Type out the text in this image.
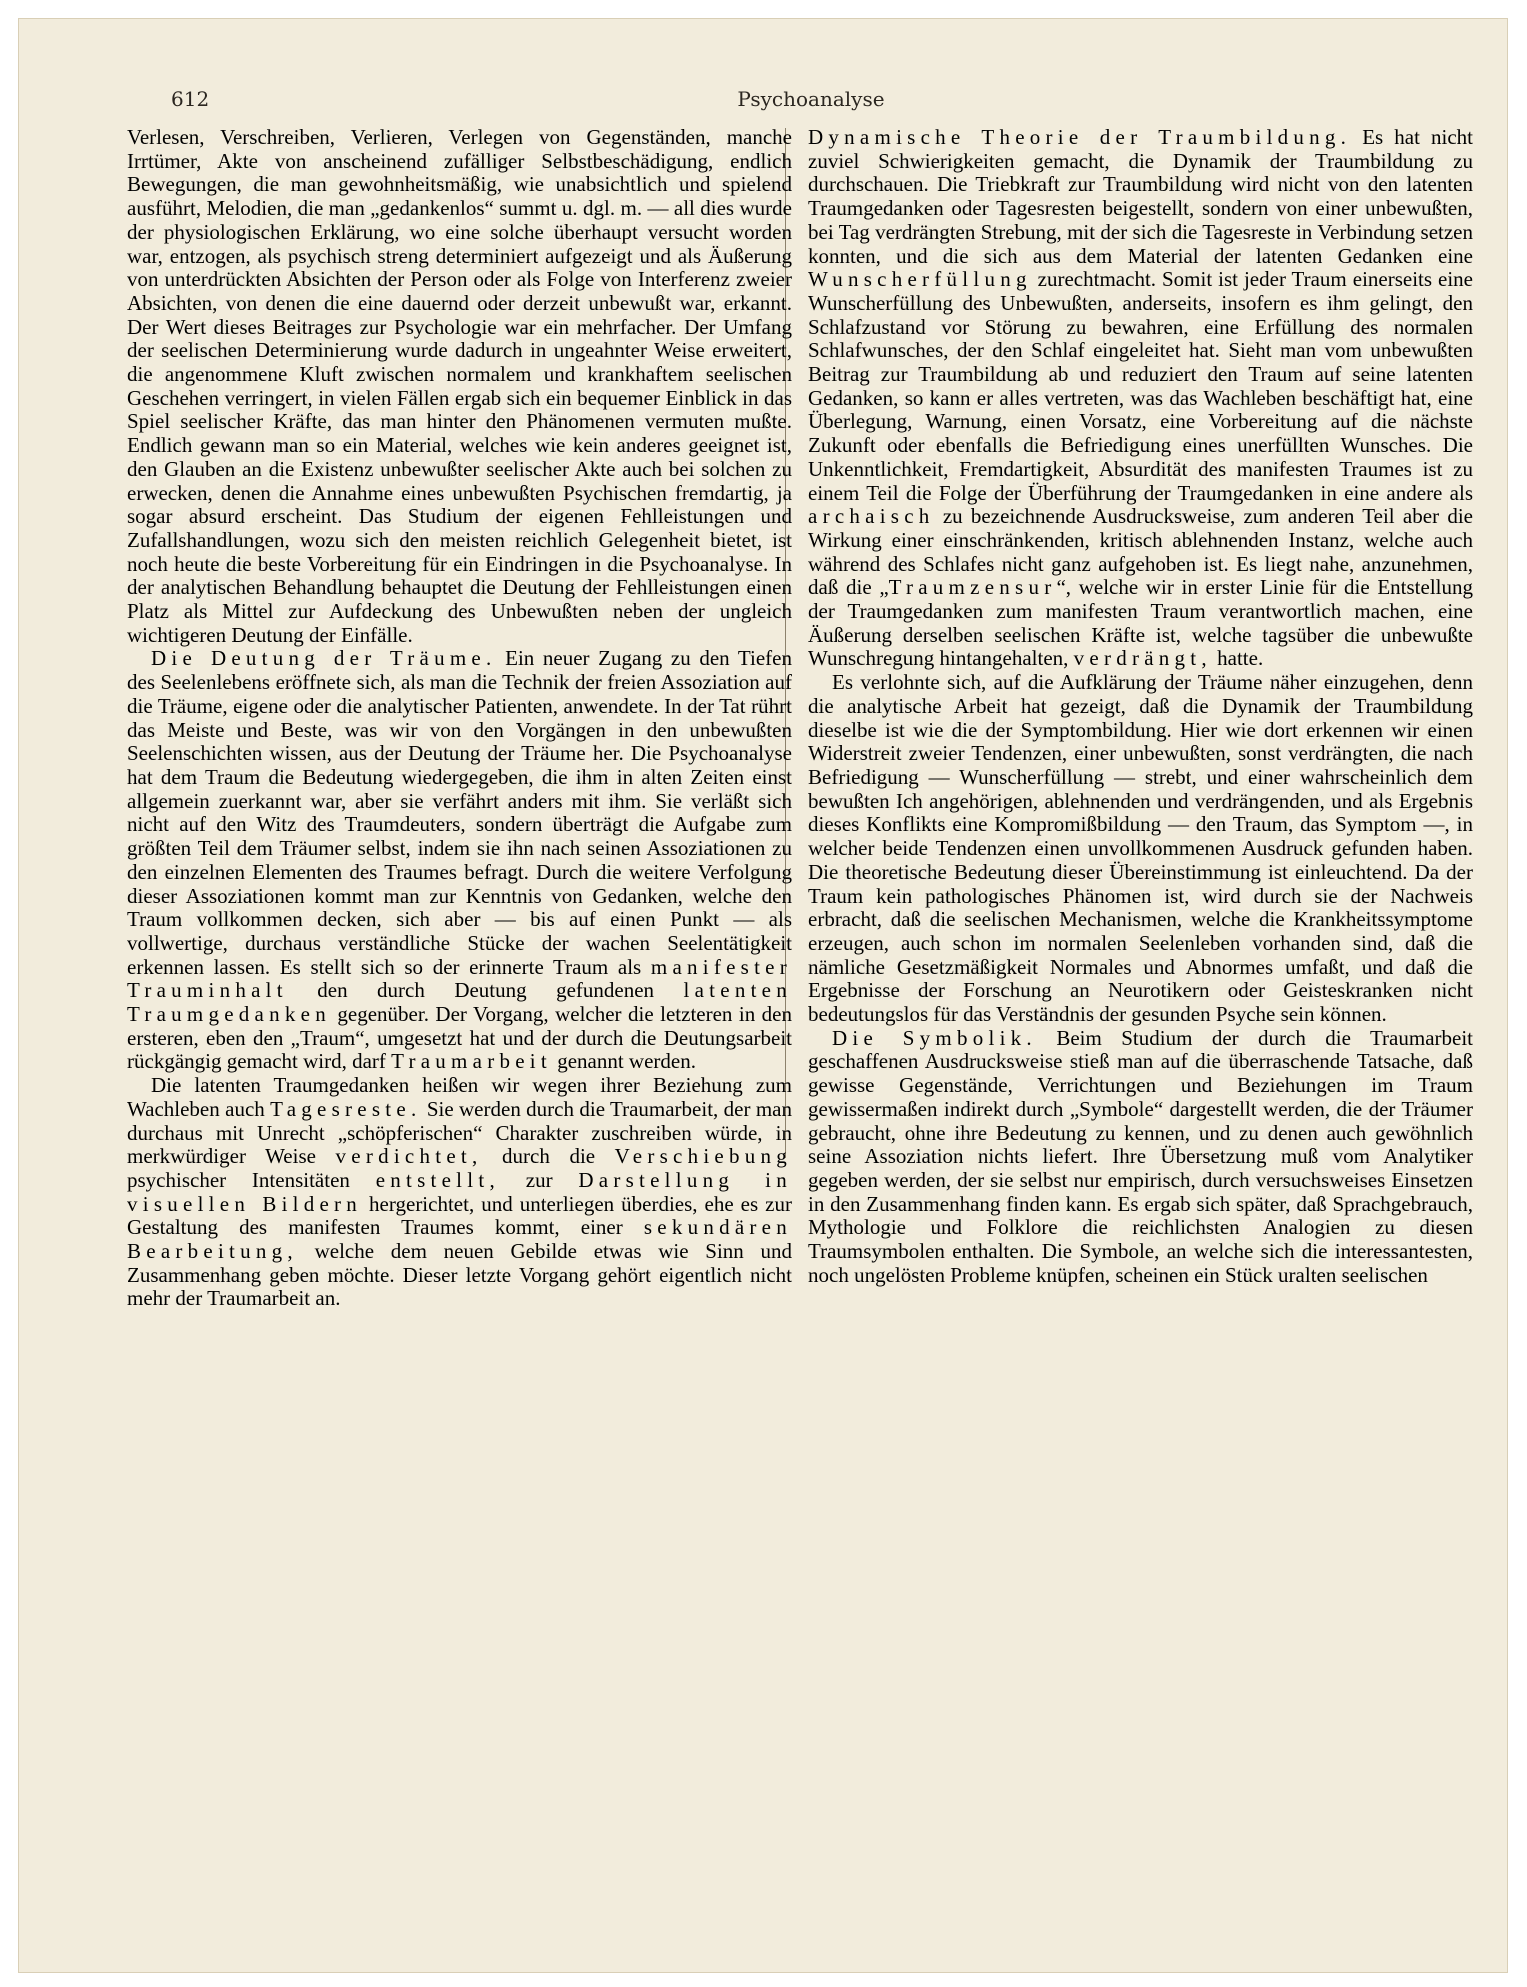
612	Psychoanalyse

Verlesen, Verschreiben, Verlieren, Verlegen von Gegenständen, manche Irrtümer, Akte von anscheinend zufälliger Selbstbeschädigung, endlich Bewegungen, die man gewohnheitsmäßig, wie unabsichtlich und spielend ausführt, Melodien, die man „gedankenlos“ summt u. dgl. m. — all dies wurde der physiologischen Erklärung, wo eine solche überhaupt versucht worden war, entzogen, als psychisch streng determiniert aufgezeigt und als Äußerung von unterdrückten Absichten der Person oder als Folge von Interferenz zweier Absichten, von denen die eine dauernd oder derzeit unbewußt war, erkannt. Der Wert dieses Beitrages zur Psychologie war ein mehrfacher. Der Umfang der seelischen Determinierung wurde dadurch in ungeahnter Weise erweitert, die angenommene Kluft zwischen normalem und krankhaftem seelischen Geschehen verringert, in vielen Fällen ergab sich ein bequemer Einblick in das Spiel seelischer Kräfte, das man hinter den Phänomenen vermuten mußte. Endlich gewann man so ein Material, welches wie kein anderes geeignet ist, den Glauben an die Existenz unbewußter seelischer Akte auch bei solchen zu erwecken, denen die Annahme eines unbewußten Psychischen fremdartig, ja sogar absurd erscheint. Das Studium der eigenen Fehlleistungen und Zufallshandlungen, wozu sich den meisten reichlich Gelegenheit bietet, ist noch heute die beste Vorbereitung für ein Eindringen in die Psychoanalyse. In der analytischen Behandlung behauptet die Deutung der Fehlleistungen einen Platz als Mittel zur Aufdeckung des Unbewußten neben der ungleich wichtigeren Deutung der Einfälle.

Die Deutung der Träume. Ein neuer Zugang zu den Tiefen des Seelenlebens eröffnete sich, als man die Technik der freien Assoziation auf die Träume, eigene oder die analytischer Patienten, anwendete. In der Tat rührt das Meiste und Beste, was wir von den Vorgängen in den unbewußten Seelenschichten wissen, aus der Deutung der Träume her. Die Psychoanalyse hat dem Traum die Bedeutung wiedergegeben, die ihm in alten Zeiten einst allgemein zuerkannt war, aber sie verfährt anders mit ihm. Sie verläßt sich nicht auf den Witz des Traumdeuters, sondern überträgt die Aufgabe zum größten Teil dem Träumer selbst, indem sie ihn nach seinen Assoziationen zu den einzelnen Elementen des Traumes befragt. Durch die weitere Verfolgung dieser Assoziationen kommt man zur Kenntnis von Gedanken, welche den Traum vollkommen decken, sich aber — bis auf einen Punkt — als vollwertige, durchaus verständliche Stücke der wachen Seelentätigkeit erkennen lassen. Es stellt sich so der erinnerte Traum als manifester Trauminhalt den durch Deutung gefundenen latenten Traumgedanken gegenüber. Der Vorgang, welcher die letzteren in den ersteren, eben den „Traum“, umgesetzt hat und der durch die Deutungsarbeit rückgängig gemacht wird, darf Traumarbeit genannt werden.

Die latenten Traumgedanken heißen wir wegen ihrer Beziehung zum Wachleben auch Tagesreste. Sie werden durch die Traumarbeit, der man durchaus mit Unrecht „schöpferischen“ Charakter zuschreiben würde, in merkwürdiger Weise verdichtet, durch die Verschiebung psychischer Intensitäten entstellt, zur Darstellung in visuellen Bildern hergerichtet, und unterliegen überdies, ehe es zur Gestaltung des manifesten Traumes kommt, einer sekundären Bearbeitung, welche dem neuen Gebilde etwas wie Sinn und Zusammenhang geben möchte. Dieser letzte Vorgang gehört eigentlich nicht mehr der Traumarbeit an.

Dynamische Theorie der Traumbildung. Es hat nicht zuviel Schwierigkeiten gemacht, die Dynamik der Traumbildung zu durchschauen. Die Triebkraft zur Traumbildung wird nicht von den latenten Traumgedanken oder Tagesresten beigestellt, sondern von einer unbewußten, bei Tag verdrängten Strebung, mit der sich die Tagesreste in Verbindung setzen konnten, und die sich aus dem Material der latenten Gedanken eine Wunscherfüllung zurechtmacht. Somit ist jeder Traum einerseits eine Wunscherfüllung des Unbewußten, anderseits, insofern es ihm gelingt, den Schlafzustand vor Störung zu bewahren, eine Erfüllung des normalen Schlafwunsches, der den Schlaf eingeleitet hat. Sieht man vom unbewußten Beitrag zur Traumbildung ab und reduziert den Traum auf seine latenten Gedanken, so kann er alles vertreten, was das Wachleben beschäftigt hat, eine Überlegung, Warnung, einen Vorsatz, eine Vorbereitung auf die nächste Zukunft oder ebenfalls die Befriedigung eines unerfüllten Wunsches. Die Unkenntlichkeit, Fremdartigkeit, Absurdität des manifesten Traumes ist zu einem Teil die Folge der Überführung der Traumgedanken in eine andere als archaisch zu bezeichnende Ausdrucksweise, zum anderen Teil aber die Wirkung einer einschränkenden, kritisch ablehnenden Instanz, welche auch während des Schlafes nicht ganz aufgehoben ist. Es liegt nahe, anzunehmen, daß die „Traumzensur“, welche wir in erster Linie für die Entstellung der Traumgedanken zum manifesten Traum verantwortlich machen, eine Äußerung derselben seelischen Kräfte ist, welche tagsüber die unbewußte Wunschregung hintangehalten, verdrängt, hatte.

Es verlohnte sich, auf die Aufklärung der Träume näher einzugehen, denn die analytische Arbeit hat gezeigt, daß die Dynamik der Traumbildung dieselbe ist wie die der Symptombildung. Hier wie dort erkennen wir einen Widerstreit zweier Tendenzen, einer unbewußten, sonst verdrängten, die nach Befriedigung — Wunscherfüllung — strebt, und einer wahrscheinlich dem bewußten Ich angehörigen, ablehnenden und verdrängenden, und als Ergebnis dieses Konflikts eine Kompromißbildung — den Traum, das Symptom —, in welcher beide Tendenzen einen unvollkommenen Ausdruck gefunden haben. Die theoretische Bedeutung dieser Übereinstimmung ist einleuchtend. Da der Traum kein pathologisches Phänomen ist, wird durch sie der Nachweis erbracht, daß die seelischen Mechanismen, welche die Krankheitssymptome erzeugen, auch schon im normalen Seelenleben vorhanden sind, daß die nämliche Gesetzmäßigkeit Normales und Abnormes umfaßt, und daß die Ergebnisse der Forschung an Neurotikern oder Geisteskranken nicht bedeutungslos für das Verständnis der gesunden Psyche sein können.

Die Symbolik. Beim Studium der durch die Traumarbeit geschaffenen Ausdrucksweise stieß man auf die überraschende Tatsache, daß gewisse Gegenstände, Verrichtungen und Beziehungen im Traum gewissermaßen indirekt durch „Symbole“ dargestellt werden, die der Träumer gebraucht, ohne ihre Bedeutung zu kennen, und zu denen auch gewöhnlich seine Assoziation nichts liefert. Ihre Übersetzung muß vom Analytiker gegeben werden, der sie selbst nur empirisch, durch versuchsweises Einsetzen in den Zusammenhang finden kann. Es ergab sich später, daß Sprachgebrauch, Mythologie und Folklore die reichlichsten Analogien zu diesen Traumsymbolen enthalten. Die Symbole, an welche sich die interessantesten, noch ungelösten Probleme knüpfen, scheinen ein Stück uralten seelischen
